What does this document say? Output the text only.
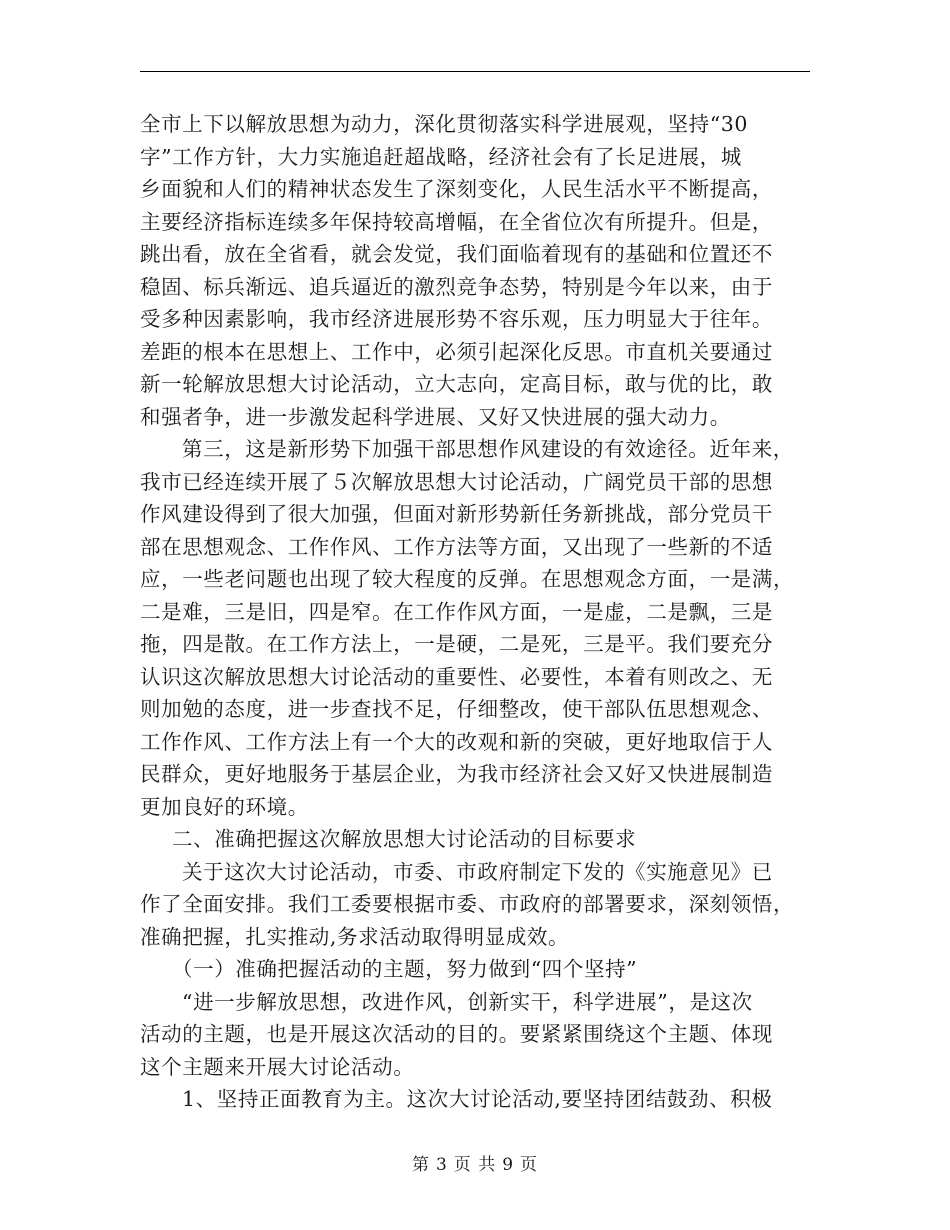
全市上下以解放思想为动力，深化贯彻落实科学进展观，坚持“30
字”工作方针，大力实施追赶超战略，经济社会有了长足进展，城
乡面貌和人们的精神状态发生了深刻变化，人民生活水平不断提高，
主要经济指标连续多年保持较高增幅，在全省位次有所提升。但是，
跳出看，放在全省看，就会发觉，我们面临着现有的基础和位置还不
稳固、标兵渐远、追兵逼近的激烈竞争态势，特别是今年以来，由于
受多种因素影响，我市经济进展形势不容乐观，压力明显大于往年。
差距的根本在思想上、工作中，必须引起深化反思。市直机关要通过
新一轮解放思想大讨论活动，立大志向，定高目标，敢与优的比，敢
和强者争，进一步激发起科学进展、又好又快进展的强大动力。
第三，这是新形势下加强干部思想作风建设的有效途径。近年来，
我市已经连续开展了５次解放思想大讨论活动，广阔党员干部的思想
作风建设得到了很大加强，但面对新形势新任务新挑战，部分党员干
部在思想观念、工作作风、工作方法等方面，又出现了一些新的不适
应，一些老问题也出现了较大程度的反弹。在思想观念方面，一是满，
二是难，三是旧，四是窄。在工作作风方面，一是虚，二是飘，三是
拖，四是散。在工作方法上，一是硬，二是死，三是平。我们要充分
认识这次解放思想大讨论活动的重要性、必要性，本着有则改之、无
则加勉的态度，进一步查找不足，仔细整改，使干部队伍思想观念、
工作作风、工作方法上有一个大的改观和新的突破，更好地取信于人
民群众，更好地服务于基层企业，为我市经济社会又好又快进展制造
更加良好的环境。
二、准确把握这次解放思想大讨论活动的目标要求
关于这次大讨论活动，市委、市政府制定下发的《实施意见》已
作了全面安排。我们工委要根据市委、市政府的部署要求，深刻领悟，
准确把握，扎实推动,务求活动取得明显成效。
（一）准确把握活动的主题，努力做到“四个坚持”
“进一步解放思想，改进作风，创新实干，科学进展”，是这次
活动的主题，也是开展这次活动的目的。要紧紧围绕这个主题、体现
这个主题来开展大讨论活动。
1、坚持正面教育为主。这次大讨论活动,要坚持团结鼓劲、积极
第 3 页 共 9 页
